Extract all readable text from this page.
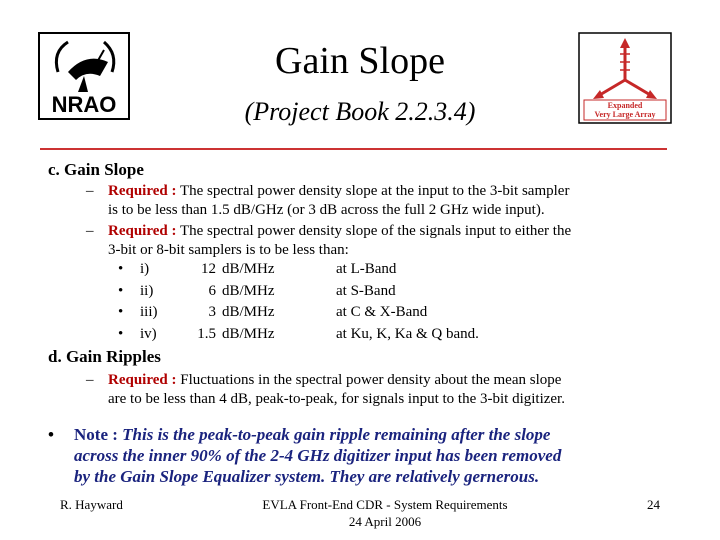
NRAO	Expanded
Very Large Array
Gain Slope
(Project Book 2.2.3.4)
c. Gain Slope
– Required : The spectral power density slope at the input to the 3-bit sampler
is to be less than 1.5 dB/GHz (or 3 dB across the full 2 GHz wide input).
– Required : The spectral power density slope of the signals input to either the
3-bit or 8-bit samplers is to be less than:
• i)	12 dB/MHz	at L-Band
• ii)	6 dB/MHz	at S-Band
• iii)	3 dB/MHz	at C & X-Band
• iv)	1.5 dB/MHz	at Ku, K, Ka & Q band.
d. Gain Ripples
– Required : Fluctuations in the spectral power density about the mean slope
are to be less than 4 dB, peak-to-peak, for signals input to the 3-bit digitizer.
• Note : This is the peak-to-peak gain ripple remaining after the slope
across the inner 90% of the 2-4 GHz digitizer input has been removed
by the Gain Slope Equalizer system. They are relatively gernerous.
R. Hayward	EVLA Front-End CDR - System Requirements
24 April 2006
24
